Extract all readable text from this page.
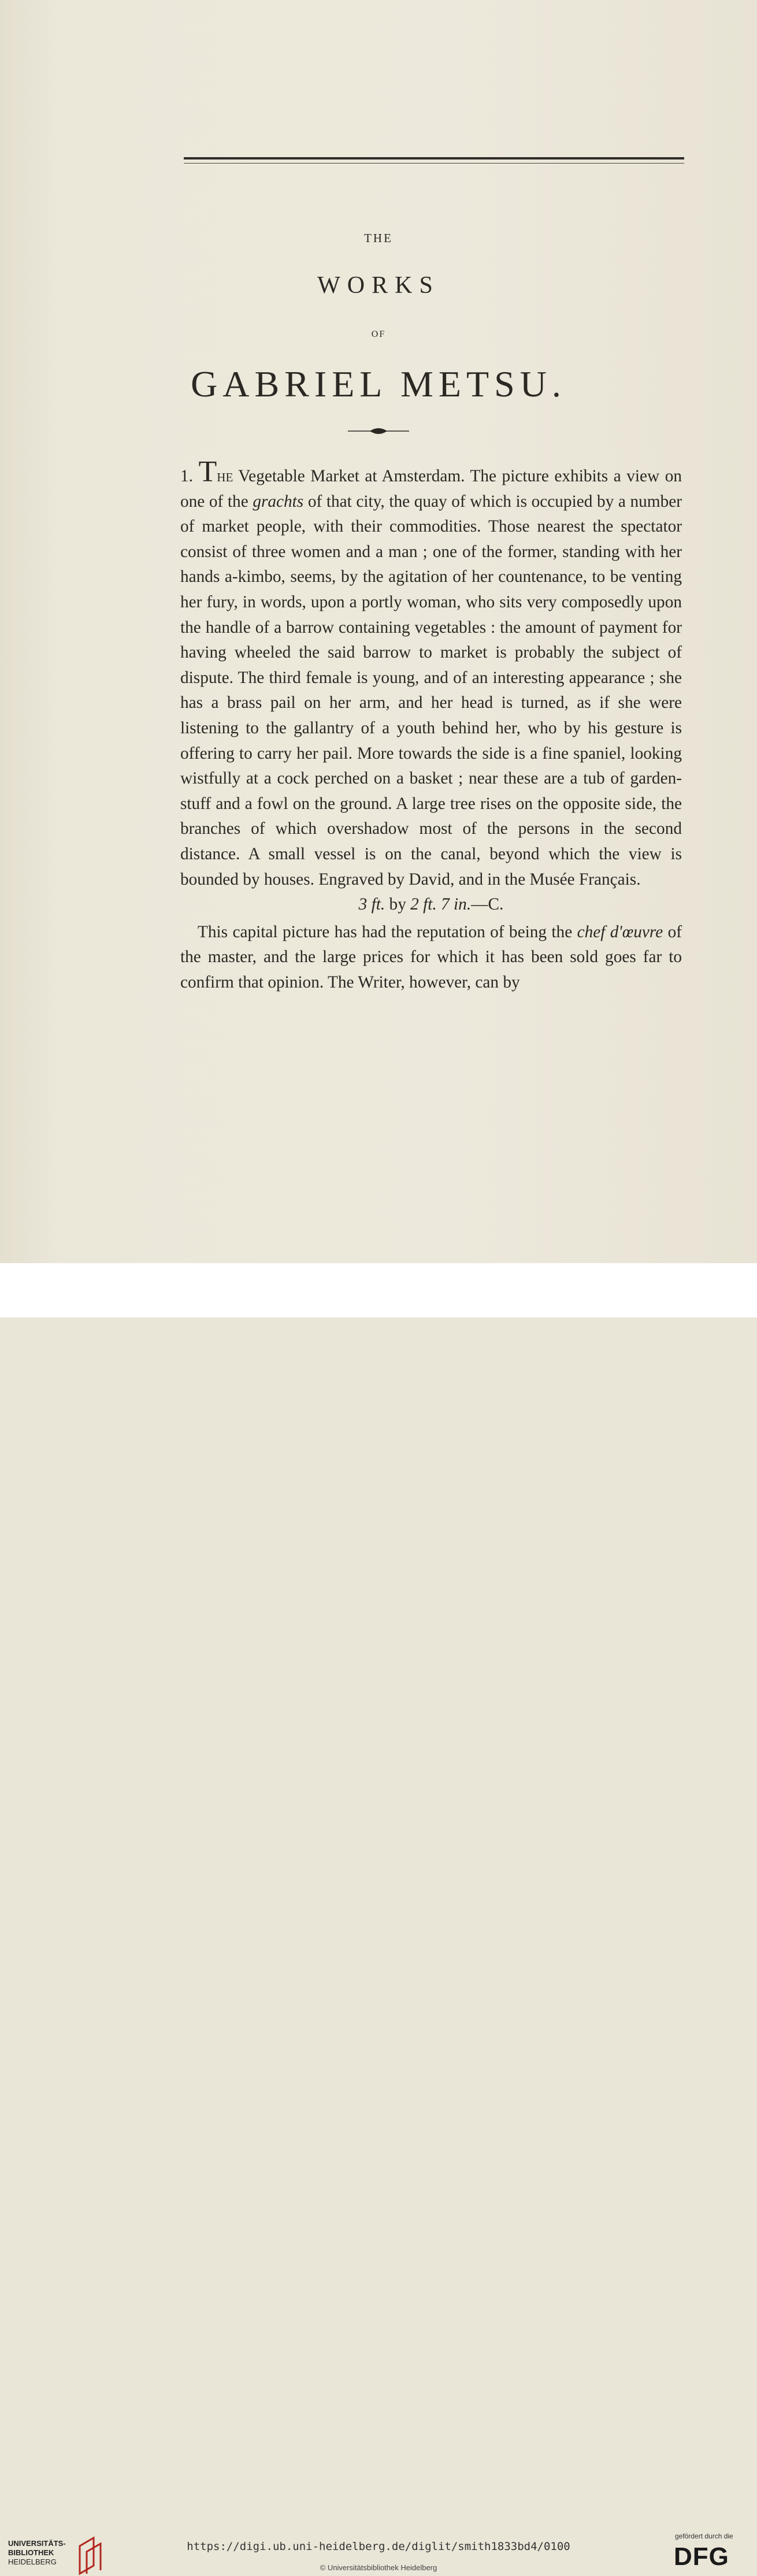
THE
WORKS
OF
GABRIEL METSU.

1. The Vegetable Market at Amsterdam. The picture exhibits a view on one of the grachts of that city, the quay of which is occupied by a number of market people, with their commodities. Those nearest the spectator consist of three women and a man ; one of the former, standing with her hands a-kimbo, seems, by the agitation of her countenance, to be venting her fury, in words, upon a portly woman, who sits very composedly upon the handle of a barrow containing vegetables : the amount of payment for having wheeled the said barrow to market is probably the subject of dispute. The third female is young, and of an interesting appearance ; she has a brass pail on her arm, and her head is turned, as if she were listening to the gallantry of a youth behind her, who by his gesture is offering to carry her pail. More towards the side is a fine spaniel, looking wistfully at a cock perched on a basket ; near these are a tub of garden-stuff and a fowl on the ground. A large tree rises on the opposite side, the branches of which overshadow most of the persons in the second distance. A small vessel is on the canal, beyond which the view is bounded by houses. Engraved by David, and in the Musée Français.

3 ft. by 2 ft. 7 in.—C.

This capital picture has had the reputation of being the chef d'œuvre of the master, and the large prices for which it has been sold goes far to confirm that opinion. The Writer, however, can by

UNIVERSITÄTS-
BIBLIOTHEK
HEIDELBERG
https://digi.ub.uni-heidelberg.de/diglit/smith1833bd4/0100
© Universitätsbibliothek Heidelberg
gefördert durch die
DFG
